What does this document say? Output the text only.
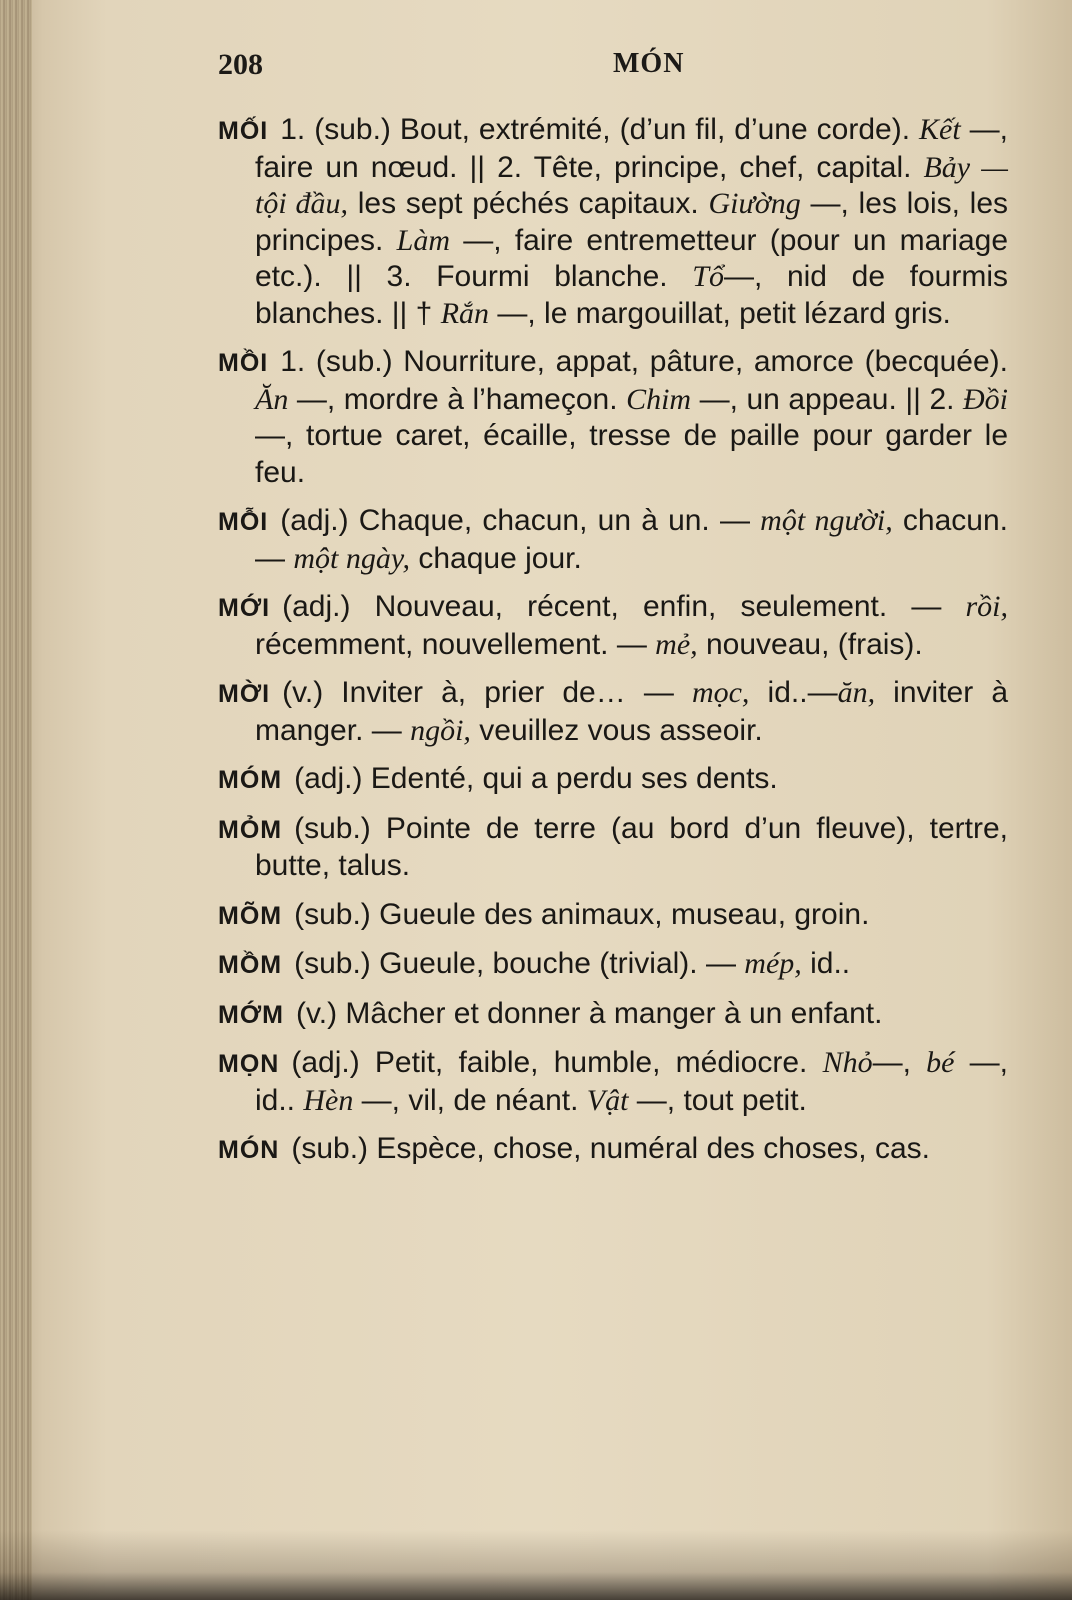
208	MÓN
MỐI 1. (sub.) Bout, extrémité, (d’un fil, d’une corde). Kết —, faire un nœud. || 2. Tête, principe, chef, capital. Bảy — tội đầu, les sept péchés capitaux. Giường —, les lois, les principes. Làm —, faire entremetteur (pour un mariage etc.). || 3. Fourmi blanche. Tổ—, nid de fourmis blanches. || † Rắn —, le margouillat, petit lézard gris.
MỒI 1. (sub.) Nourriture, appat, pâture, amorce (becquée). Ăn —, mordre à l’hameçon. Chim —, un appeau. || 2. Đồi —, tortue caret, écaille, tresse de paille pour garder le feu.
MỖI (adj.) Chaque, chacun, un à un. — một người, chacun. — một ngày, chaque jour.
MỚI (adj.) Nouveau, récent, enfin, seulement. — rồi, récemment, nouvellement. — mẻ, nouveau, (frais).
MỜI (v.) Inviter à, prier de… — mọc, id..—ăn, inviter à manger. — ngồi, veuillez vous asseoir.
MÓM (adj.) Edenté, qui a perdu ses dents.
MỎM (sub.) Pointe de terre (au bord d’un fleuve), tertre, butte, talus.
MÕM (sub.) Gueule des animaux, museau, groin.
MỒM (sub.) Gueule, bouche (trivial). — mép, id..
MỚM (v.) Mâcher et donner à manger à un enfant.
MỌN (adj.) Petit, faible, humble, médiocre. Nhỏ—, bé —, id.. Hèn —, vil, de néant. Vật —, tout petit.
MÓN (sub.) Espèce, chose, numéral des choses, cas.
